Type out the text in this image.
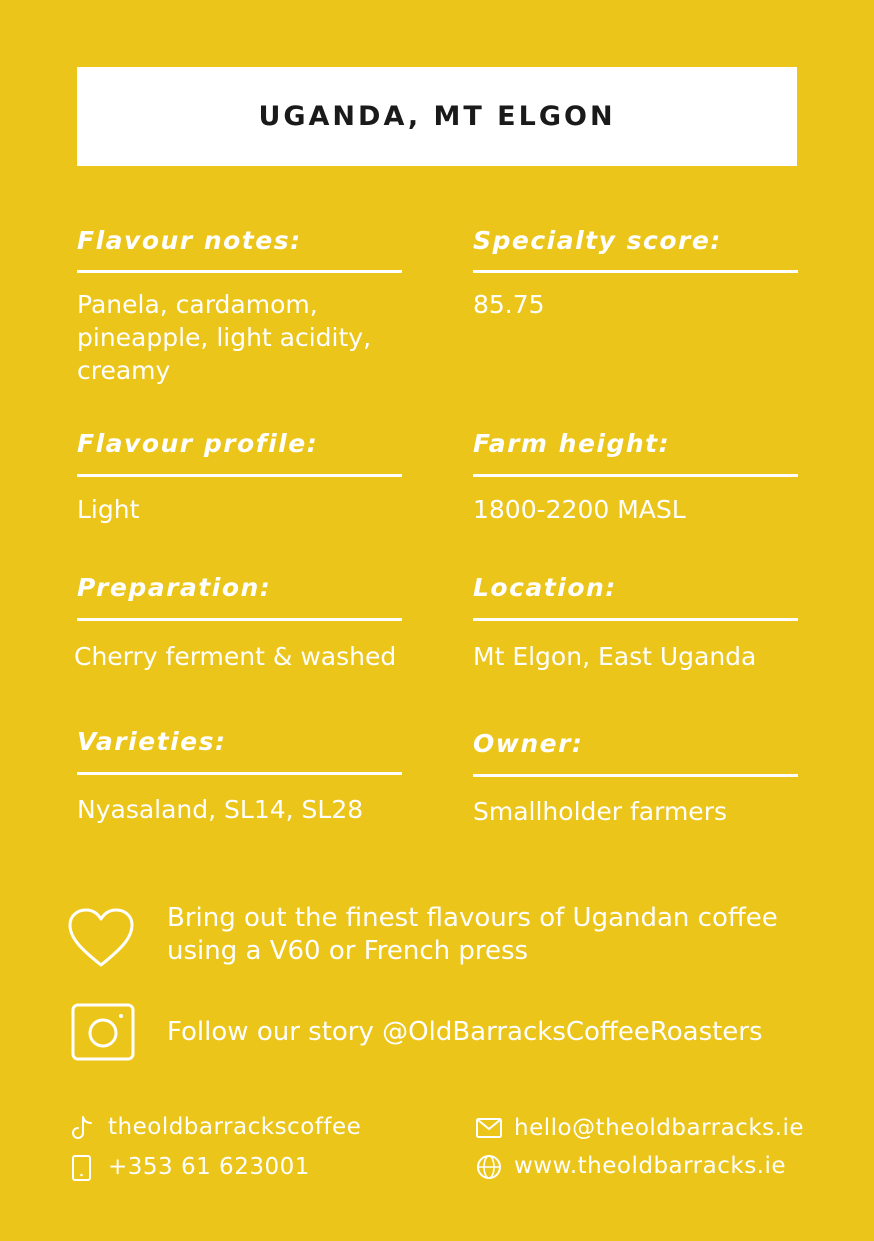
UGANDA, MT ELGON
Flavour notes:
Panela, cardamom, pineapple, light acidity, creamy
Specialty score:
85.75
Flavour profile:
Light
Farm height:
1800-2200 MASL
Preparation:
Cherry ferment & washed
Location:
Mt Elgon, East Uganda
Varieties:
Nyasaland, SL14, SL28
Owner:
Smallholder farmers
Bring out the finest flavours of Ugandan coffee using a V60 or French press
Follow our story @OldBarracksCoffeeRoasters
theoldbarrackscoffee
+353 61 623001
hello@theoldbarracks.ie
www.theoldbarracks.ie
